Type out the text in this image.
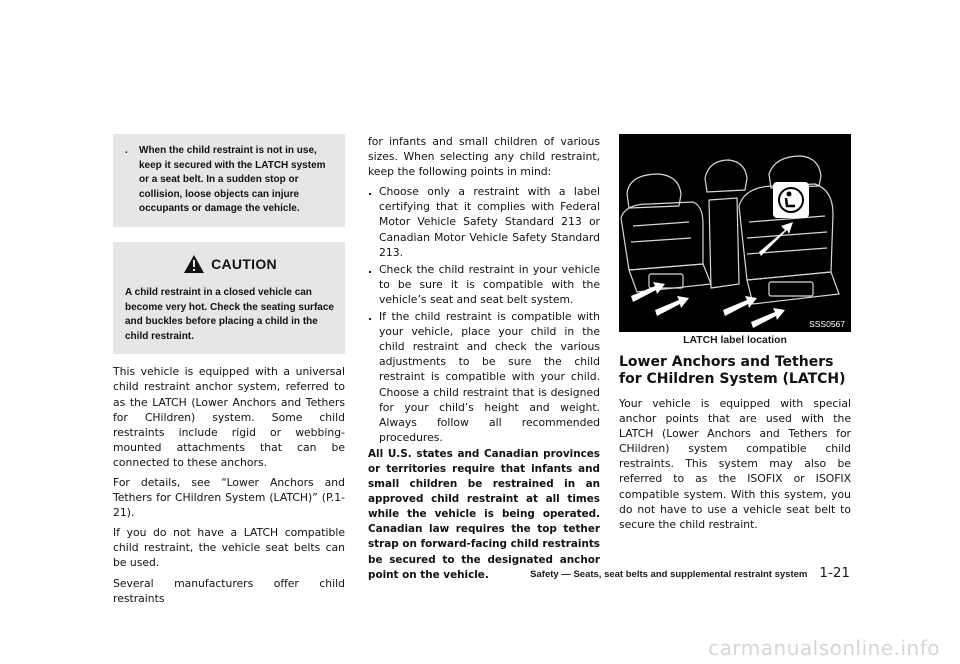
.	When the child restraint is not in use, keep it secured with the LATCH system or a seat belt. In a sudden stop or collision, loose objects can injure occupants or damage the vehicle.
CAUTION
A child restraint in a closed vehicle can become very hot. Check the seating surface and buckles before placing a child in the child restraint.

This vehicle is equipped with a universal child restraint anchor system, referred to as the LATCH (Lower Anchors and Tethers for CHildren) system. Some child restraints include rigid or webbing-mounted attachments that can be connected to these anchors.

For details, see “Lower Anchors and Tethers for CHildren System (LATCH)” (P.1-21).

If you do not have a LATCH compatible child restraint, the vehicle seat belts can be used.

Several manufacturers offer child restraints

for infants and small children of various sizes. When selecting any child restraint, keep the following points in mind:

. Choose only a restraint with a label certifying that it complies with Federal Motor Vehicle Safety Standard 213 or Canadian Motor Vehicle Safety Standard 213.
. Check the child restraint in your vehicle to be sure it is compatible with the vehicle’s seat and seat belt system.
. If the child restraint is compatible with your vehicle, place your child in the child restraint and check the various adjustments to be sure the child restraint is compatible with your child. Choose a child restraint that is designed for your child’s height and weight. Always follow all recommended procedures.

All U.S. states and Canadian provinces or territories require that infants and small children be restrained in an approved child restraint at all times while the vehicle is being operated. Canadian law requires the top tether strap on forward-facing child restraints be secured to the designated anchor point on the vehicle.

SSS0567
LATCH label location
Lower Anchors and Tethers for CHildren System (LATCH)

Your vehicle is equipped with special anchor points that are used with the LATCH (Lower Anchors and Tethers for CHildren) system compatible child restraints. This system may also be referred to as the ISOFIX or ISOFIX compatible system. With this system, you do not have to use a vehicle seat belt to secure the child restraint.

Safety — Seats, seat belts and supplemental restraint system 1-21
carmanualsonline.info
